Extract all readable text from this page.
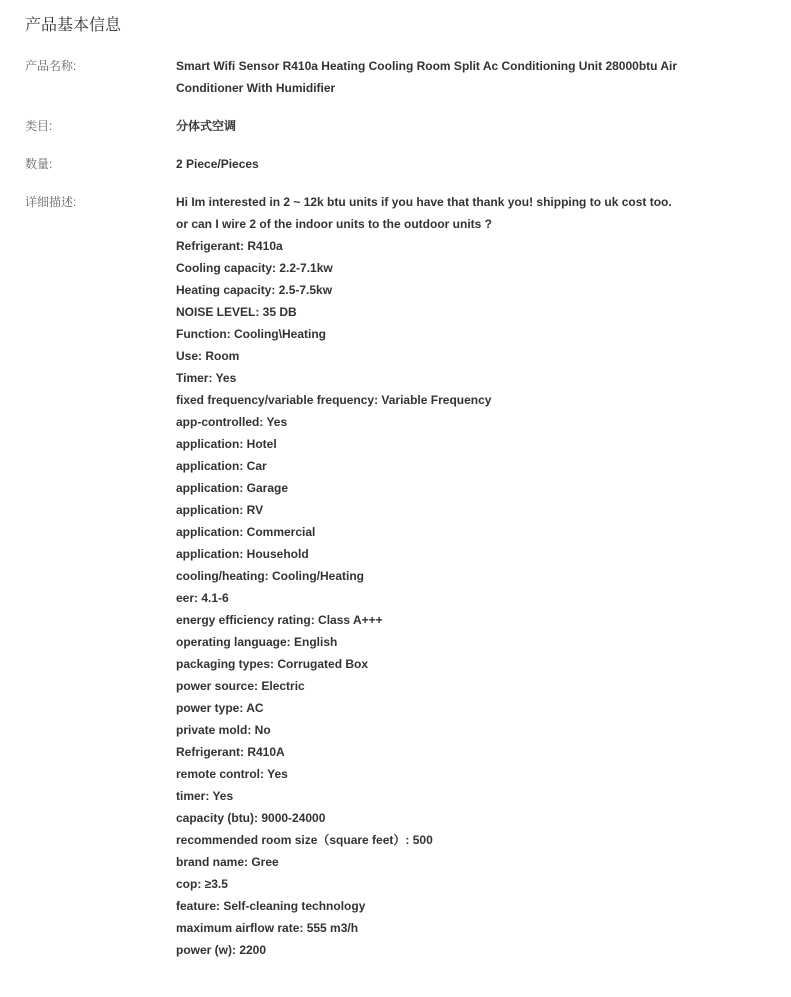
产品基本信息
产品名称:	Smart Wifi Sensor R410a Heating Cooling Room Split Ac Conditioning Unit 28000btu Air Conditioner With Humidifier
类目:	分体式空调
数量:	2 Piece/Pieces
详细描述:	Hi Im interested in 2 ~ 12k btu units if you have that thank you! shipping to uk cost too. or can I wire 2 of the indoor units to the outdoor units ?
Refrigerant: R410a
Cooling capacity: 2.2-7.1kw
Heating capacity: 2.5-7.5kw
NOISE LEVEL: 35 DB
Function: Cooling\Heating
Use: Room
Timer: Yes
fixed frequency/variable frequency: Variable Frequency
app-controlled: Yes
application: Hotel
application: Car
application: Garage
application: RV
application: Commercial
application: Household
cooling/heating: Cooling/Heating
eer: 4.1-6
energy efficiency rating: Class A+++
operating language: English
packaging types: Corrugated Box
power source: Electric
power type: AC
private mold: No
Refrigerant: R410A
remote control: Yes
timer: Yes
capacity (btu): 9000-24000
recommended room size（square feet）: 500
brand name: Gree
cop: ≥3.5
feature: Self-cleaning technology
maximum airflow rate: 555 m3/h
power (w): 2200
